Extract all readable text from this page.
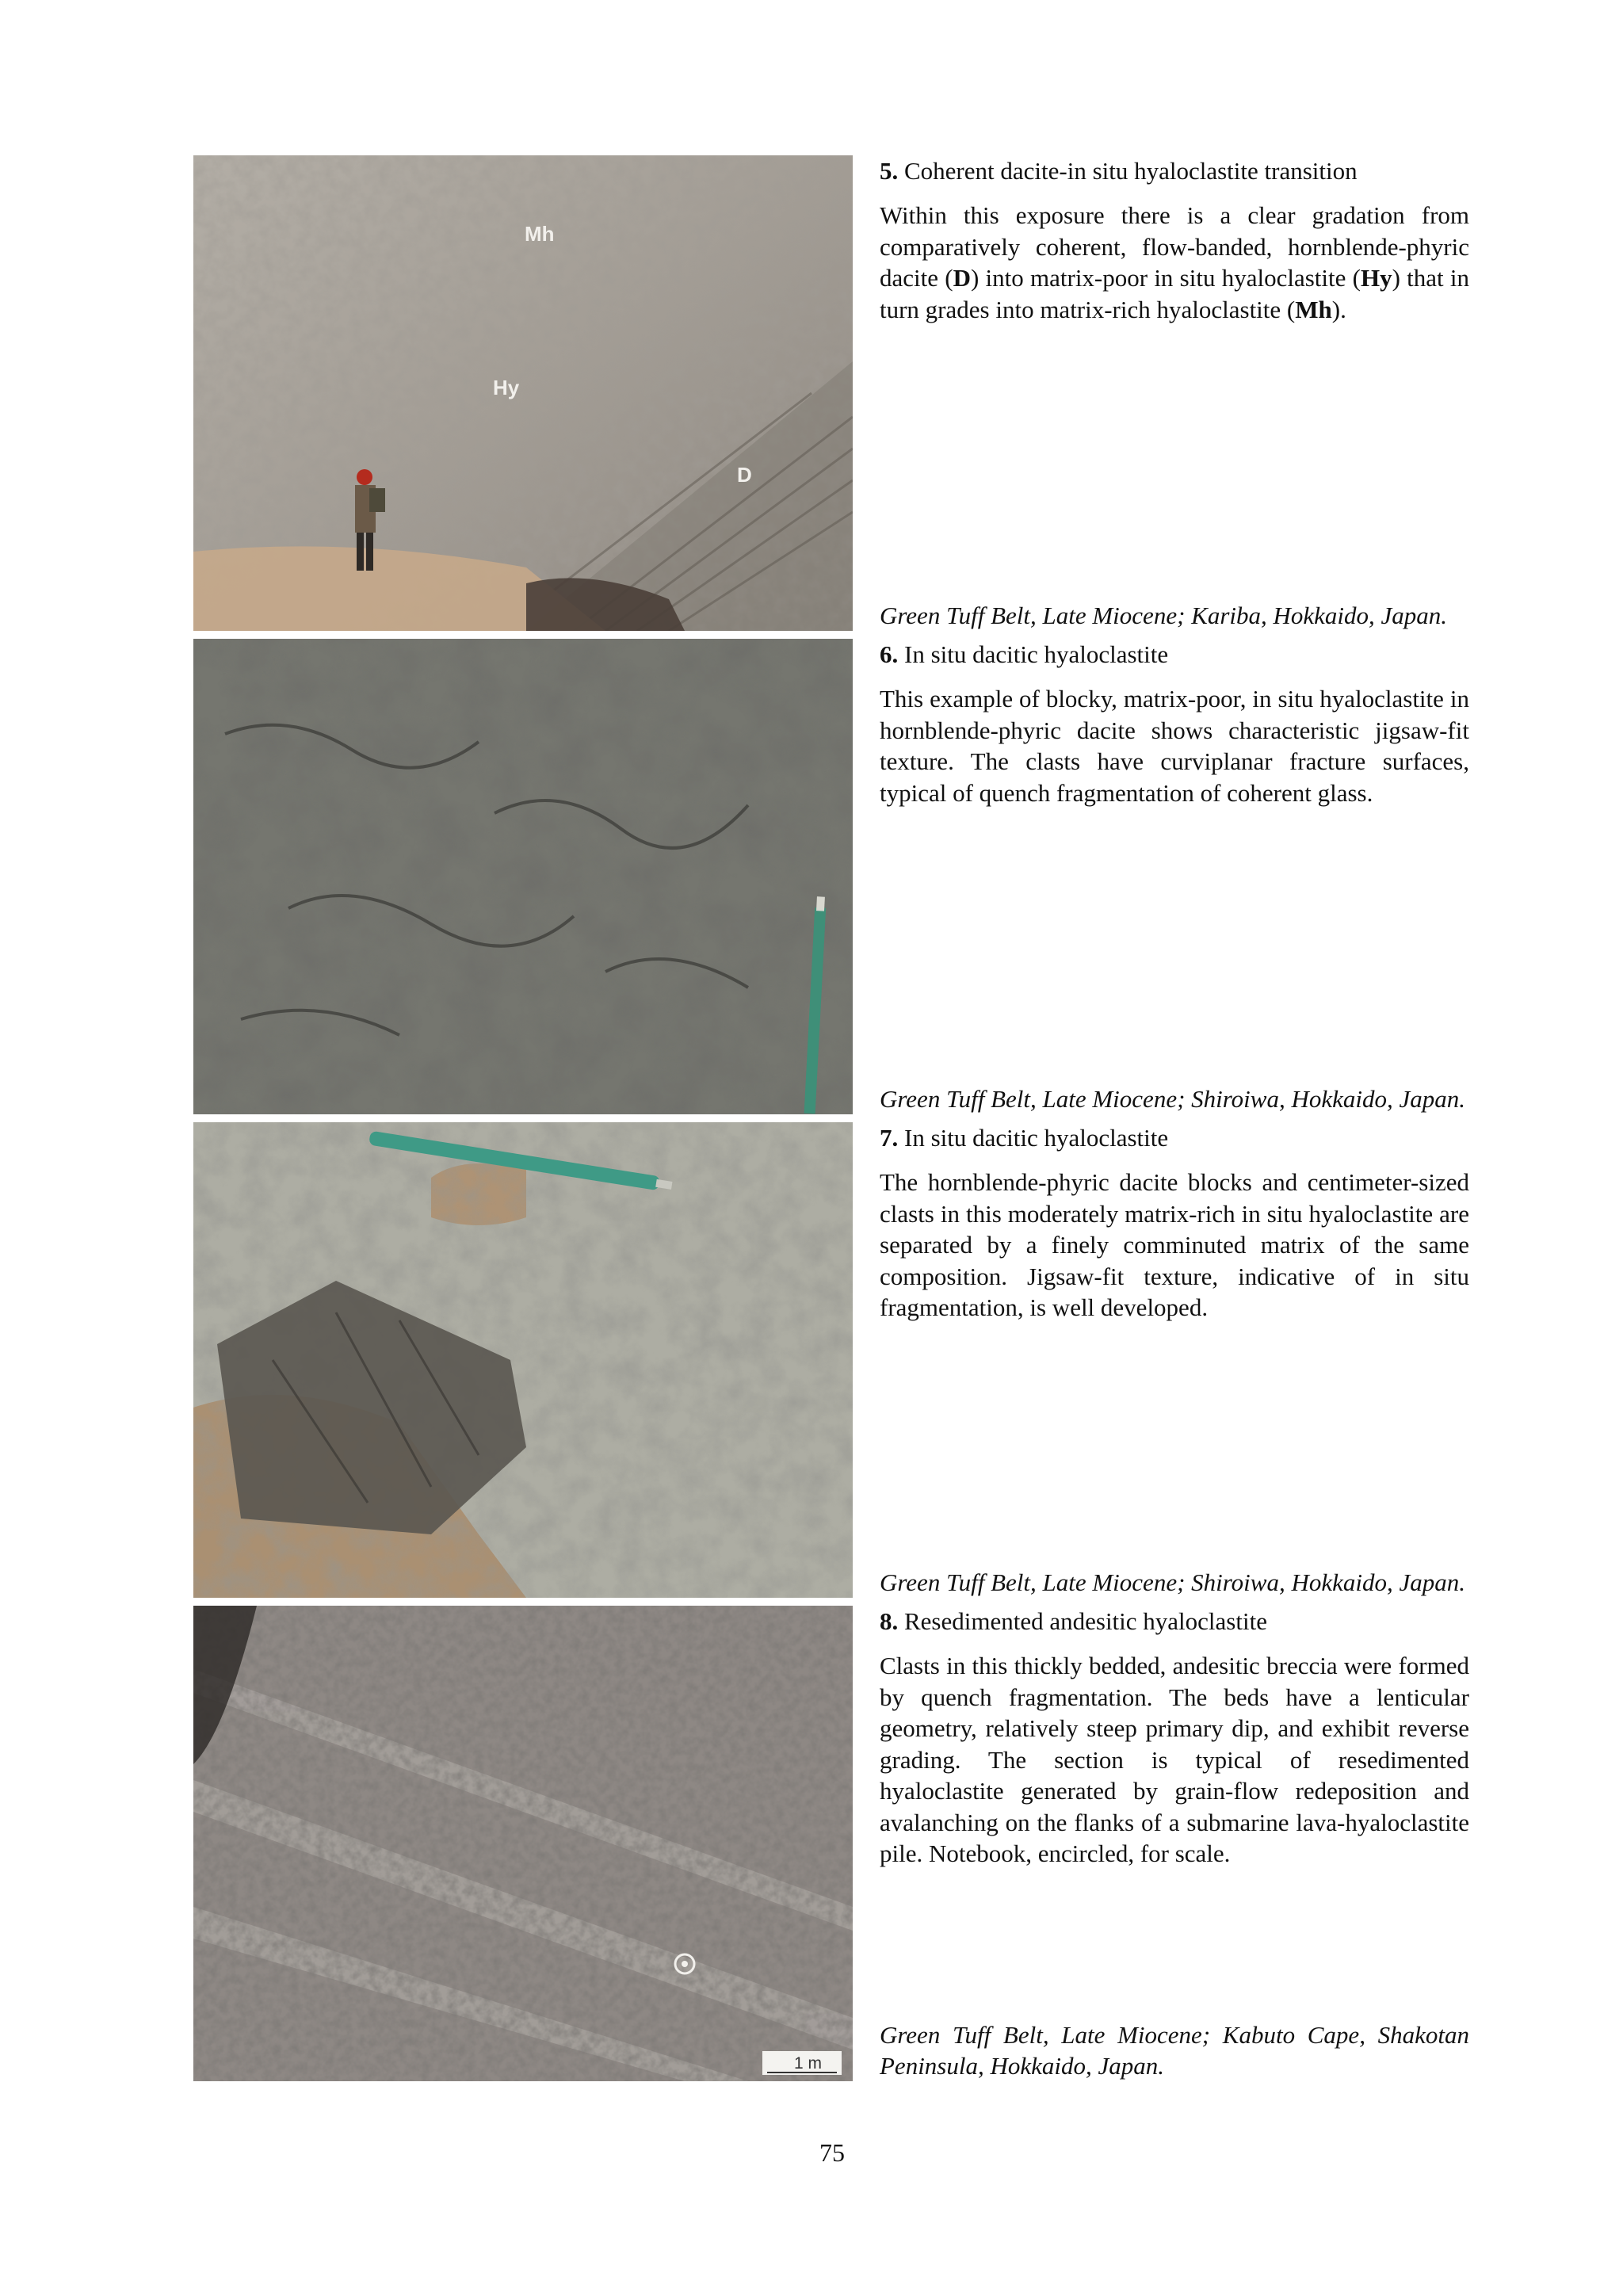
Mh
Hy
D

5. Coherent dacite-in situ hyaloclastite transition

Within this exposure there is a clear gradation from comparatively coherent, flow-banded, hornblende-phyric dacite (D) into matrix-poor in situ hyaloclastite (Hy) that in turn grades into matrix-rich hyaloclastite (Mh).

Green Tuff Belt, Late Miocene; Kariba, Hokkaido, Japan.

6. In situ dacitic hyaloclastite

This example of blocky, matrix-poor, in situ hyaloclastite in hornblende-phyric dacite shows characteristic jigsaw-fit texture. The clasts have curviplanar fracture surfaces, typical of quench fragmentation of coherent glass.

Green Tuff Belt, Late Miocene; Shiroiwa, Hokkaido, Japan.

7. In situ dacitic hyaloclastite

The hornblende-phyric dacite blocks and centimeter-sized clasts in this moderately matrix-rich in situ hyaloclastite are separated by a finely comminuted matrix of the same composition. Jigsaw-fit texture, indicative of in situ fragmentation, is well developed.

Green Tuff Belt, Late Miocene; Shiroiwa, Hokkaido, Japan.

1 m

8. Resedimented andesitic hyaloclastite

Clasts in this thickly bedded, andesitic breccia were formed by quench fragmentation. The beds have a lenticular geometry, relatively steep primary dip, and exhibit reverse grading. The section is typical of resedimented hyaloclastite generated by grain-flow redeposition and avalanching on the flanks of a submarine lava-hyaloclastite pile. Notebook, encircled, for scale.

Green Tuff Belt, Late Miocene; Kabuto Cape, Shakotan Peninsula, Hokkaido, Japan.

75
